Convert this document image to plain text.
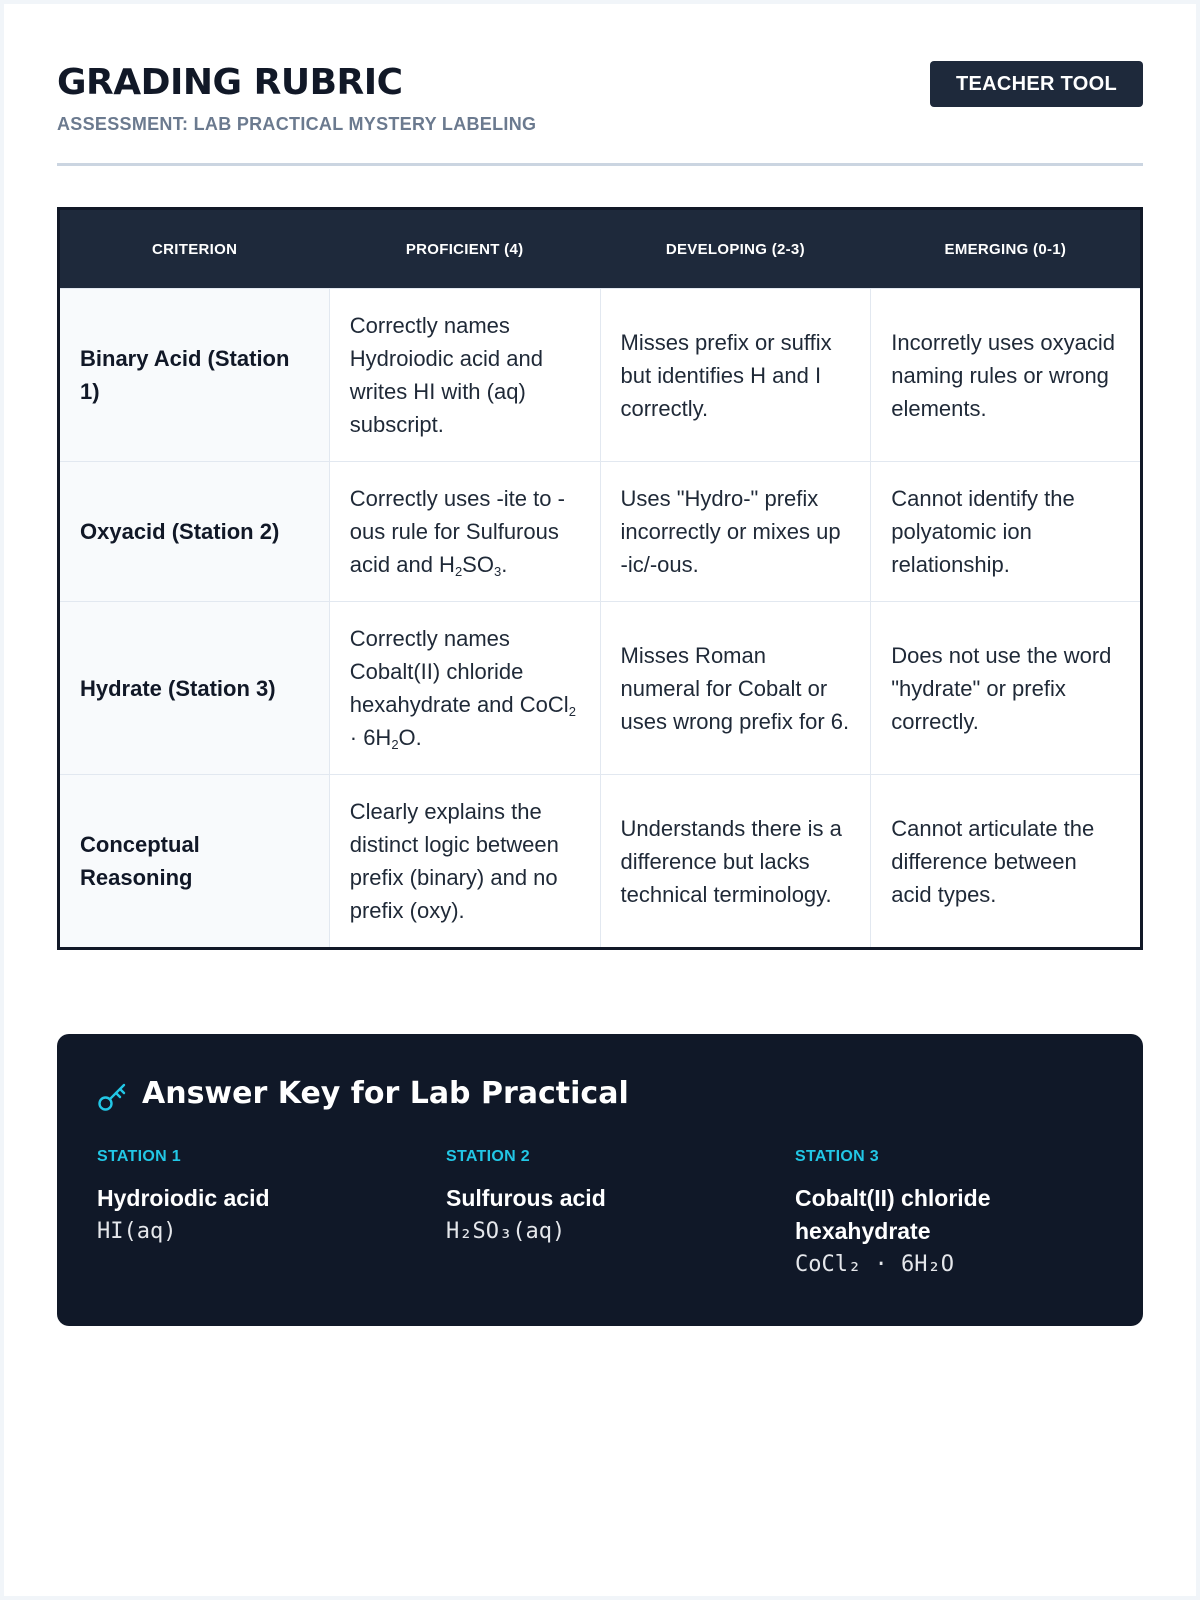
GRADING RUBRIC
ASSESSMENT: LAB PRACTICAL MYSTERY LABELING
TEACHER TOOL
CRITERION	PROFICIENT (4)	DEVELOPING (2-3)	EMERGING (0-1)
Binary Acid (Station 1)	Correctly names Hydroiodic acid and writes HI with (aq) subscript.	Misses prefix or suffix but identifies H and I correctly.	Incorretly uses oxyacid naming rules or wrong elements.
Oxyacid (Station 2)	Correctly uses -ite to -ous rule for Sulfurous acid and $H_2SO_3$.	Uses "Hydro-" prefix incorrectly or mixes up -ic/-ous.	Cannot identify the polyatomic ion relationship.
Hydrate (Station 3)	Correctly names Cobalt(II) chloride hexahydrate and CoCl$_2$ · $6H_2O$.	Misses Roman numeral for Cobalt or uses wrong prefix for 6.	Does not use the word "hydrate" or prefix correctly.
Conceptual Reasoning	Clearly explains the distinct logic between prefix (binary) and no prefix (oxy).	Understands there is a difference but lacks technical terminology.	Cannot articulate the difference between acid types.
Answer Key for Lab Practical
STATION 1
Hydroiodic acid
HI(aq)
STATION 2
Sulfurous acid
H₂SO₃(aq)
STATION 3
Cobalt(II) chloride hexahydrate
CoCl₂ · 6H₂O
